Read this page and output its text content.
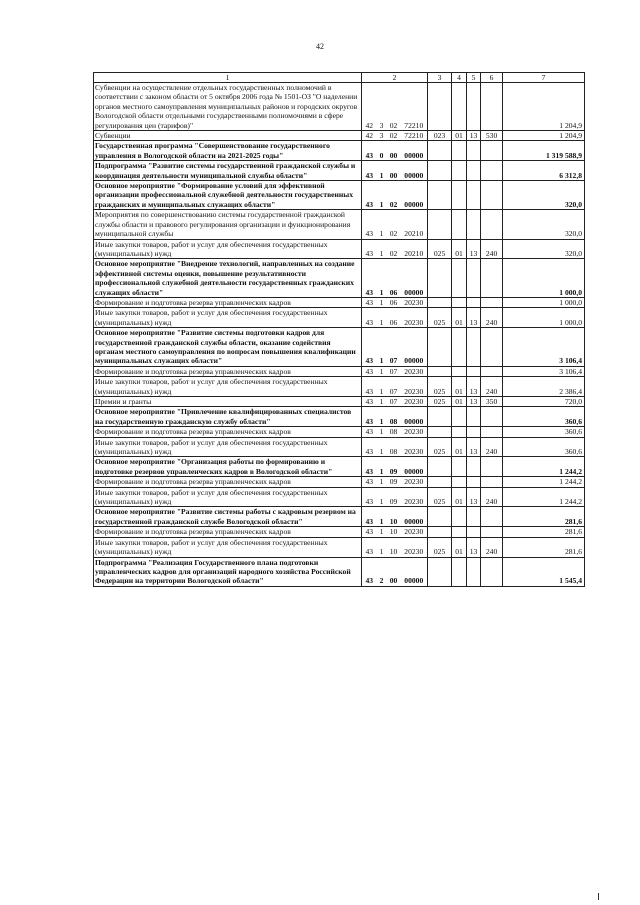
42
1	2				3	4	5	6	7
Субвенции на осуществление отдельных государственных полномочий в соответствии с законом области от 5 октября 2006 года № 1501-ОЗ "О наделении органов местного самоуправления муниципальных районов и городских округов Вологодской области отдельными государственными полномочиями в сфере регулирования цен (тарифов)"	42	3	02	72210					1 204,9
Субвенции	42	3	02	72210	023	01	13	530	1 204,9
Государственная программа "Совершенствование государственного управления в Вологодской области на 2021-2025 годы"	43	0	00	00000					1 319 588,9
Подпрограмма "Развитие системы государственной гражданской службы и координация деятельности муниципальной службы области"	43	1	00	00000					6 312,8
Основное мероприятие "Формирование условий для эффективной организации профессиональной служебной деятельности государственных гражданских и муниципальных служащих области"	43	1	02	00000					320,0
Мероприятия по совершенствованию системы государственной гражданской службы области и правового регулирования организации и функционирования муниципальной службы	43	1	02	20210					320,0
Иные закупки товаров, работ и услуг для обеспечения государственных (муниципальных) нужд	43	1	02	20210	025	01	13	240	320,0
Основное мероприятие "Внедрение технологий, направленных на создание эффективной системы оценки, повышение результативности профессиональной служебной деятельности государственных гражданских служащих области"	43	1	06	00000					1 000,0
Формирование и подготовка резерва управленческих кадров	43	1	06	20230					1 000,0
Иные закупки товаров, работ и услуг для обеспечения государственных (муниципальных) нужд	43	1	06	20230	025	01	13	240	1 000,0
Основное мероприятие "Развитие системы подготовки кадров для государственной гражданской службы области, оказание содействия органам местного самоуправления по вопросам повышения квалификации муниципальных служащих области"	43	1	07	00000					3 106,4
Формирование и подготовка резерва управленческих кадров	43	1	07	20230					3 106,4
Иные закупки товаров, работ и услуг для обеспечения государственных (муниципальных) нужд	43	1	07	20230	025	01	13	240	2 386,4
Премии и гранты	43	1	07	20230	025	01	13	350	720,0
Основное мероприятие "Привлечение квалифицированных специалистов на государственную гражданскую службу области"	43	1	08	00000					360,6
Формирование и подготовка резерва управленческих кадров	43	1	08	20230					360,6
Иные закупки товаров, работ и услуг для обеспечения государственных (муниципальных) нужд	43	1	08	20230	025	01	13	240	360,6
Основное мероприятие "Организация работы по формированию и подготовке резервов управленческих кадров в Вологодской области"	43	1	09	00000					1 244,2
Формирование и подготовка резерва управленческих кадров	43	1	09	20230					1 244,2
Иные закупки товаров, работ и услуг для обеспечения государственных (муниципальных) нужд	43	1	09	20230	025	01	13	240	1 244,2
Основное мероприятие "Развитие системы работы с кадровым резервом на государственной гражданской службе Вологодской области"	43	1	10	00000					281,6
Формирование и подготовка резерва управленческих кадров	43	1	10	20230					281,6
Иные закупки товаров, работ и услуг для обеспечения государственных (муниципальных) нужд	43	1	10	20230	025	01	13	240	281,6
Подпрограмма "Реализация Государственного плана подготовки управленческих кадров для организаций народного хозяйства Российской Федерации на территории Вологодской области"	43	2	00	00000					1 545,4
